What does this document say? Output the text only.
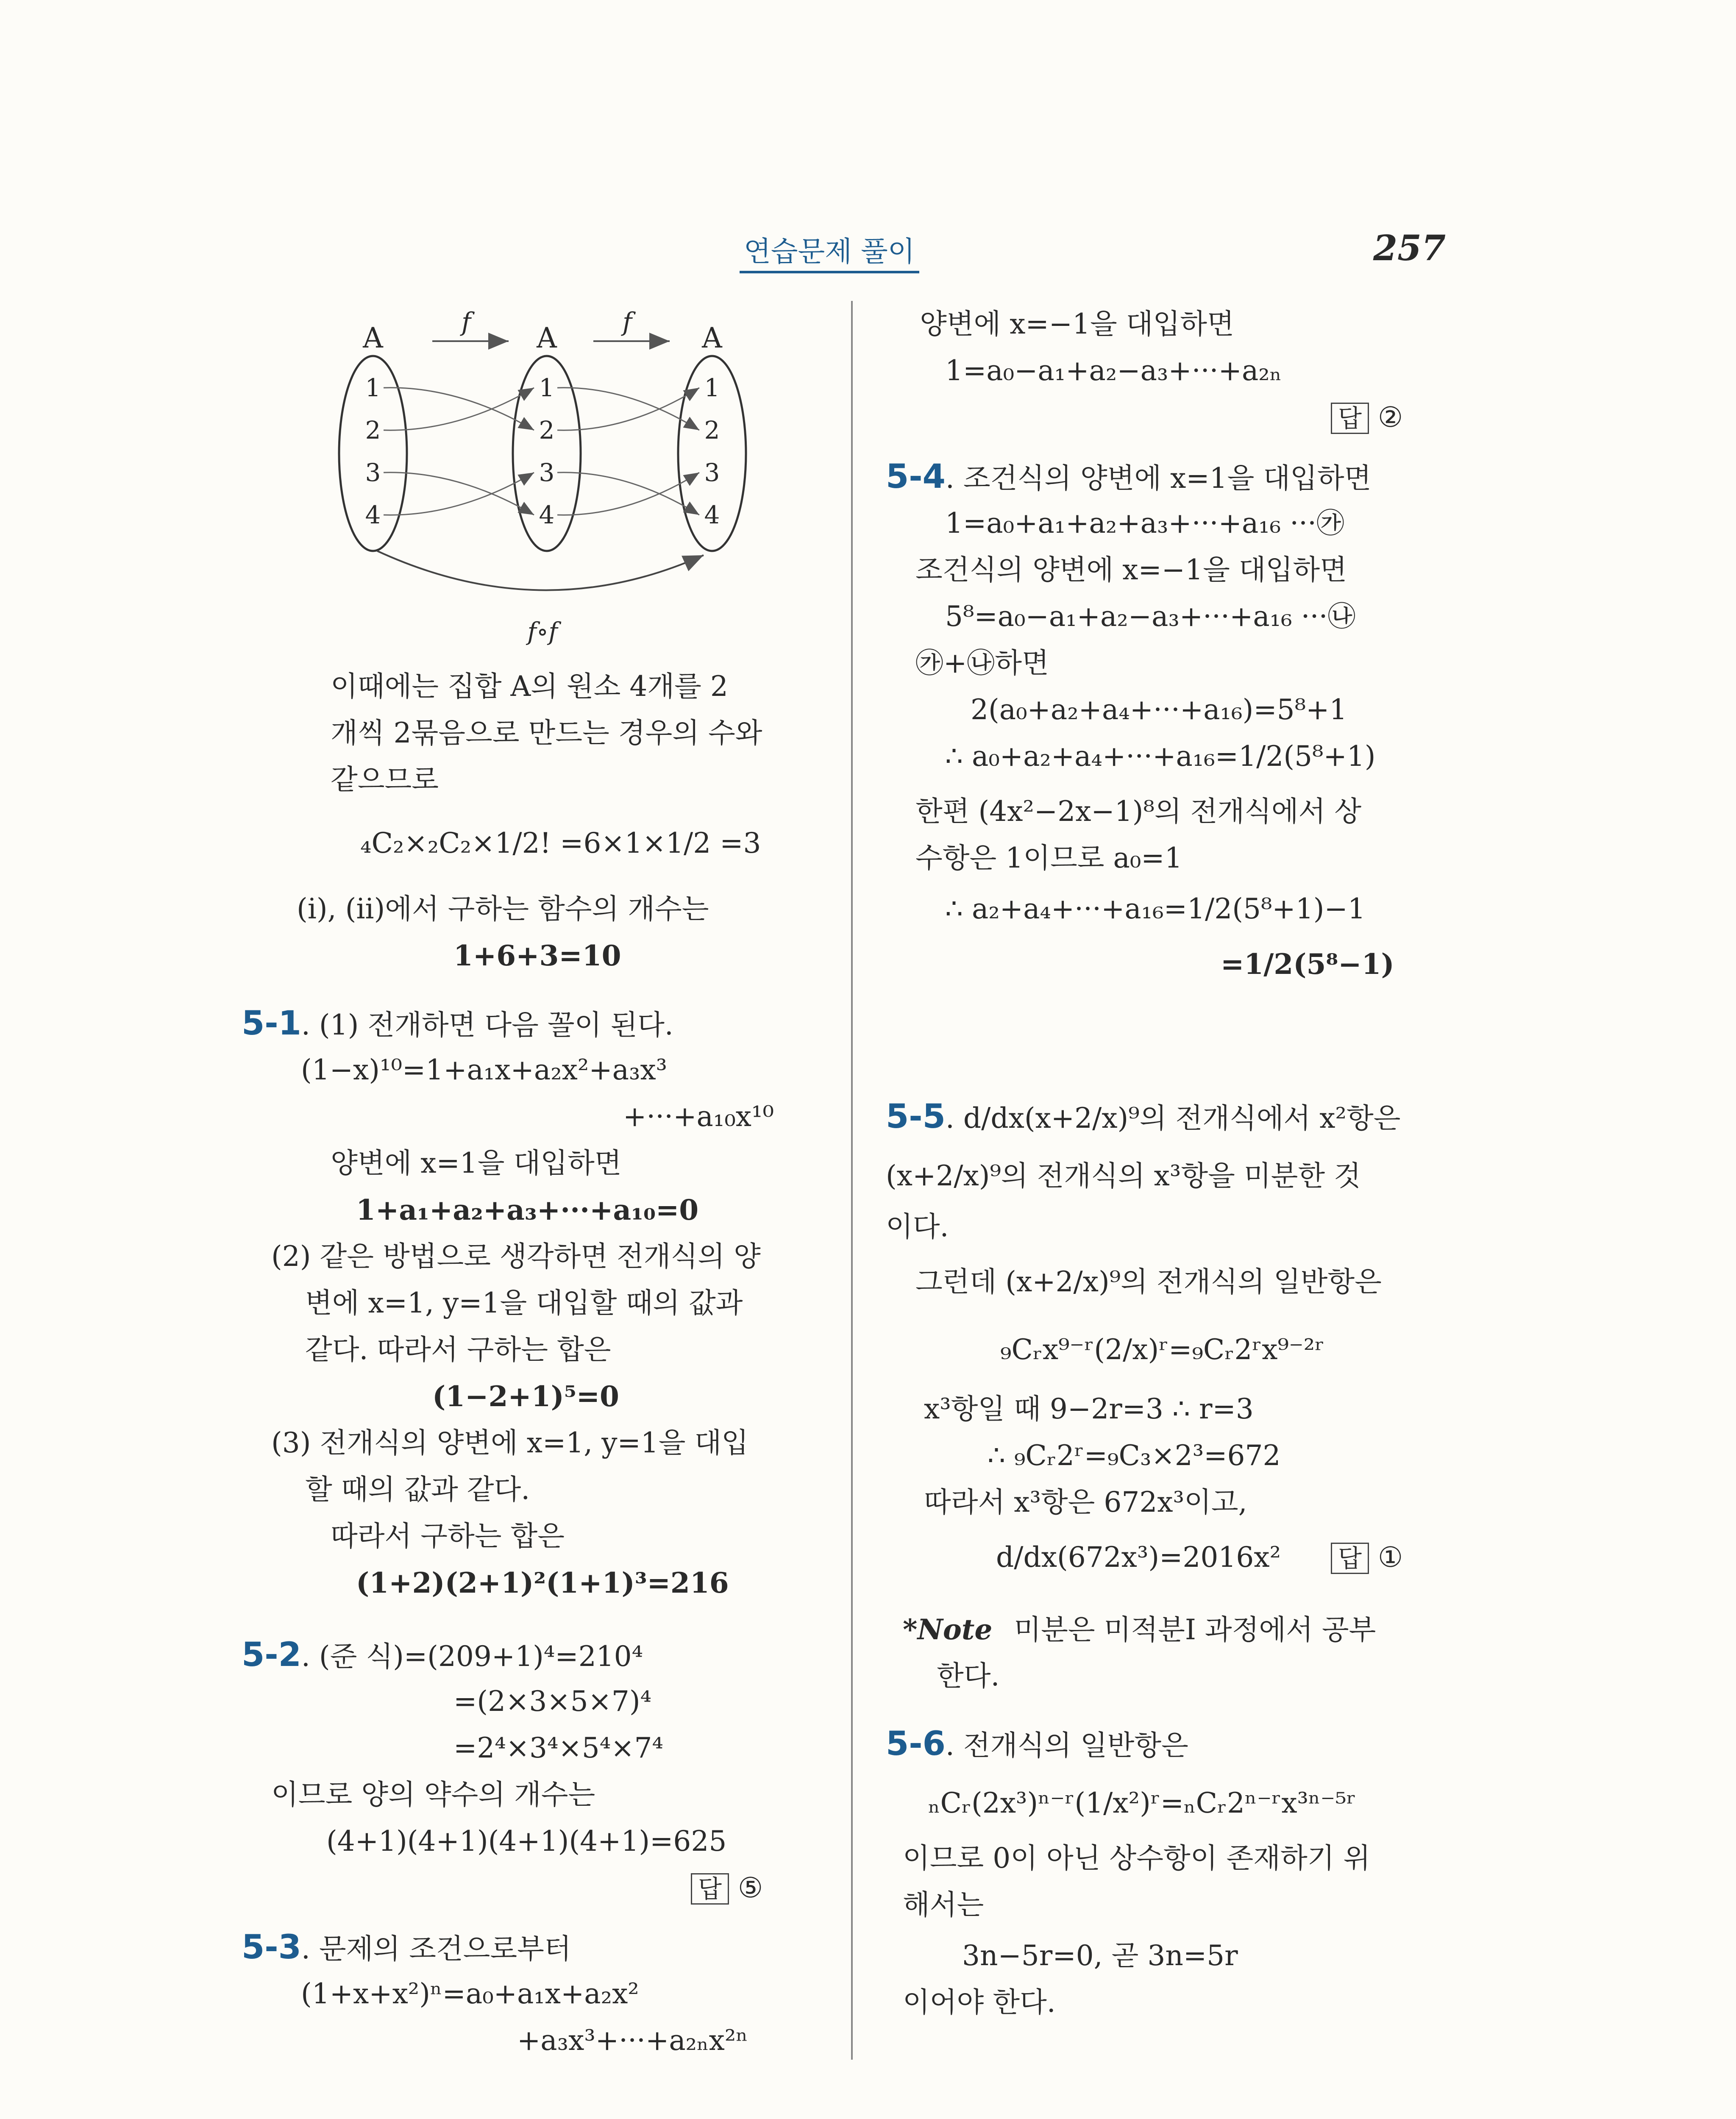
연습문제 풀이	257
A	A	A
f	f
1
2
3
4
1
2
3
4
1
2
3
4
f∘f
이때에는 집합 A의 원소 4개를 2
개씩 2묶음으로 만드는 경우의 수와
같으므로
₄C₂×₂C₂×1/2! =6×1×1/2 =3
(i), (ii)에서 구하는 함수의 개수는
1+6+3=10
5-1. (1) 전개하면 다음 꼴이 된다.
(1−x)¹⁰=1+a₁x+a₂x²+a₃x³
+···+a₁₀x¹⁰
양변에 x=1을 대입하면
1+a₁+a₂+a₃+···+a₁₀=0
(2) 같은 방법으로 생각하면 전개식의 양
변에 x=1, y=1을 대입할 때의 값과
같다. 따라서 구하는 합은
(1−2+1)⁵=0
(3) 전개식의 양변에 x=1, y=1을 대입
할 때의 값과 같다.
따라서 구하는 합은
(1+2)(2+1)²(1+1)³=216
5-2. (준 식)=(209+1)⁴=210⁴
=(2×3×5×7)⁴
=2⁴×3⁴×5⁴×7⁴
이므로 양의 약수의 개수는
(4+1)(4+1)(4+1)(4+1)=625
답 ⑤
5-3. 문제의 조건으로부터
(1+x+x²)ⁿ=a₀+a₁x+a₂x²
+a₃x³+···+a₂ₙx²ⁿ
양변에 x=−1을 대입하면
1=a₀−a₁+a₂−a₃+···+a₂ₙ
답 ②
5-4. 조건식의 양변에 x=1을 대입하면
1=a₀+a₁+a₂+a₃+···+a₁₆ ···㉮
조건식의 양변에 x=−1을 대입하면
5⁸=a₀−a₁+a₂−a₃+···+a₁₆ ···㉯
㉮+㉯하면
2(a₀+a₂+a₄+···+a₁₆)=5⁸+1
∴ a₀+a₂+a₄+···+a₁₆=1/2(5⁸+1)
한편 (4x²−2x−1)⁸의 전개식에서 상
수항은 1이므로 a₀=1
∴ a₂+a₄+···+a₁₆=1/2(5⁸+1)−1
=1/2(5⁸−1)
5-5. d/dx(x+2/x)⁹의 전개식에서 x²항은
(x+2/x)⁹의 전개식의 x³항을 미분한 것
이다.
그런데 (x+2/x)⁹의 전개식의 일반항은
₉Cᵣx⁹⁻ʳ(2/x)ʳ=₉Cᵣ2ʳx⁹⁻²ʳ
x³항일 때 9−2r=3 ∴ r=3
∴ ₉Cᵣ2ʳ=₉C₃×2³=672
따라서 x³항은 672x³이고,
d/dx(672x³)=2016x² 답 ①
*Note 미분은 미적분Ⅰ 과정에서 공부
한다.
5-6. 전개식의 일반항은
ₙCᵣ(2x³)ⁿ⁻ʳ(1/x²)ʳ=ₙCᵣ2ⁿ⁻ʳx³ⁿ⁻⁵ʳ
이므로 0이 아닌 상수항이 존재하기 위
해서는
3n−5r=0, 곧 3n=5r
이어야 한다.
